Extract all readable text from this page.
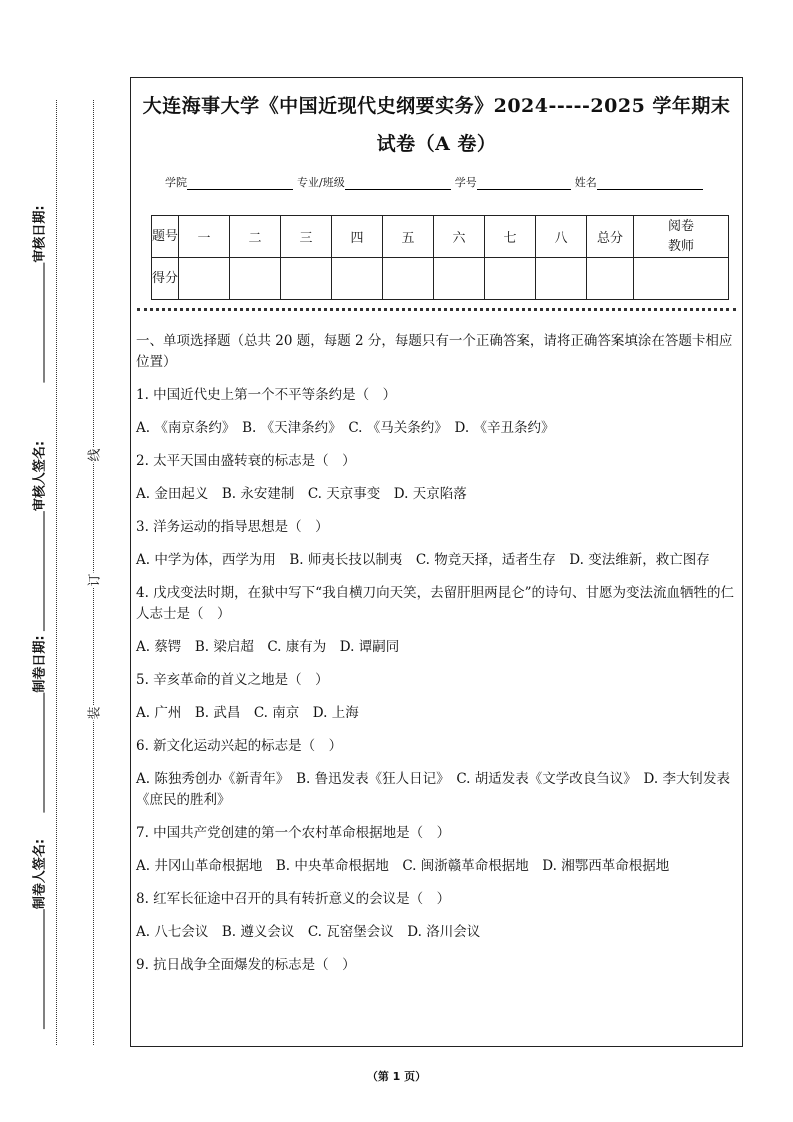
审核日期:
审核人签名:
制卷日期:
制卷人签名:
线
订
装
大连海事大学《中国近现代史纲要实务》2024-----2025 学年期末
试卷（A 卷）
学院	专业/班级	学号	姓名
题号	一	二	三	四	五	六	七	八	总分	阅卷教师

得分										

一、单项选择题（总共 20 题，每题 2 分，每题只有一个正确答案，请将正确答案填涂在答题卡相应位置）

1. 中国近代史上第一个不平等条约是（　）

A. 《南京条约》　B. 《天津条约》　C. 《马关条约》　D. 《辛丑条约》

2. 太平天国由盛转衰的标志是（　）

A. 金田起义　B. 永安建制　C. 天京事变　D. 天京陷落

3. 洋务运动的指导思想是（　）

A. 中学为体，西学为用　B. 师夷长技以制夷　C. 物竞天择，适者生存　D. 变法维新，救亡图存

4. 戊戌变法时期，在狱中写下“我自横刀向天笑，去留肝胆两昆仑”的诗句、甘愿为变法流血牺牲的仁人志士是（　）

A. 蔡锷　B. 梁启超　C. 康有为　D. 谭嗣同

5. 辛亥革命的首义之地是（　）

A. 广州　B. 武昌　C. 南京　D. 上海

6. 新文化运动兴起的标志是（　）

A. 陈独秀创办《新青年》　B. 鲁迅发表《狂人日记》　C. 胡适发表《文学改良刍议》　D. 李大钊发表《庶民的胜利》

7. 中国共产党创建的第一个农村革命根据地是（　）

A. 井冈山革命根据地　B. 中央革命根据地　C. 闽浙赣革命根据地　D. 湘鄂西革命根据地

8. 红军长征途中召开的具有转折意义的会议是（　）

A. 八七会议　B. 遵义会议　C. 瓦窑堡会议　D. 洛川会议

9. 抗日战争全面爆发的标志是（　）

（第 1 页）
